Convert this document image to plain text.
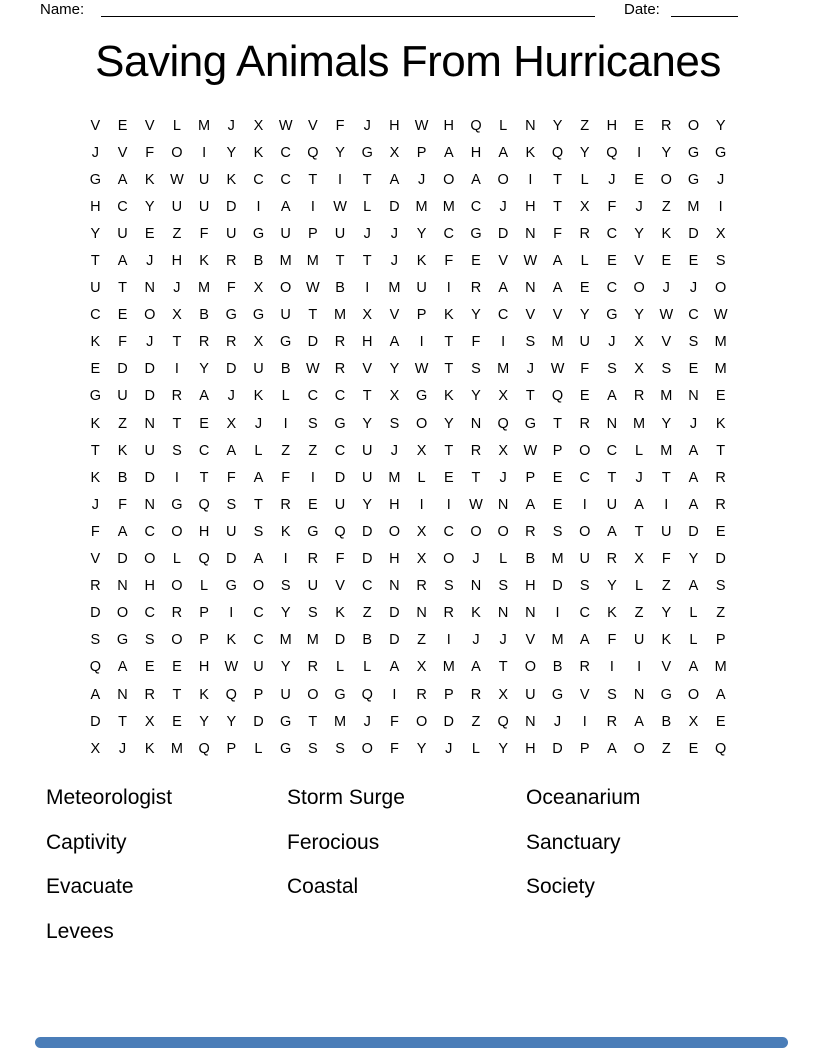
Name:	Date:
Saving Animals From Hurricanes
V	E	V	L	M	J	X	W	V	F	J	H	W	H	Q	L	N	Y	Z	H	E	R	O	Y
J	V	F	O	I	Y	K	C	Q	Y	G	X	P	A	H	A	K	Q	Y	Q	I	Y	G	G
G	A	K	W	U	K	C	C	T	I	T	A	J	O	A	O	I	T	L	J	E	O	G	J
H	C	Y	U	U	D	I	A	I	W	L	D	M	M	C	J	H	T	X	F	J	Z	M	I
Y	U	E	Z	F	U	G	U	P	U	J	J	Y	C	G	D	N	F	R	C	Y	K	D	X
T	A	J	H	K	R	B	M	M	T	T	J	K	F	E	V	W	A	L	E	V	E	E	S
U	T	N	J	M	F	X	O	W	B	I	M	U	I	R	A	N	A	E	C	O	J	J	O
C	E	O	X	B	G	G	U	T	M	X	V	P	K	Y	C	V	V	Y	G	Y	W	C	W
K	F	J	T	R	R	X	G	D	R	H	A	I	T	F	I	S	M	U	J	X	V	S	M
E	D	D	I	Y	D	U	B	W	R	V	Y	W	T	S	M	J	W	F	S	X	S	E	M
G	U	D	R	A	J	K	L	C	C	T	X	G	K	Y	X	T	Q	E	A	R	M	N	E
K	Z	N	T	E	X	J	I	S	G	Y	S	O	Y	N	Q	G	T	R	N	M	Y	J	K
T	K	U	S	C	A	L	Z	Z	C	U	J	X	T	R	X	W	P	O	C	L	M	A	T
K	B	D	I	T	F	A	F	I	D	U	M	L	E	T	J	P	E	C	T	J	T	A	R
J	F	N	G	Q	S	T	R	E	U	Y	H	I	I	W	N	A	E	I	U	A	I	A	R
F	A	C	O	H	U	S	K	G	Q	D	O	X	C	O	O	R	S	O	A	T	U	D	E
V	D	O	L	Q	D	A	I	R	F	D	H	X	O	J	L	B	M	U	R	X	F	Y	D
R	N	H	O	L	G	O	S	U	V	C	N	R	S	N	S	H	D	S	Y	L	Z	A	S
D	O	C	R	P	I	C	Y	S	K	Z	D	N	R	K	N	N	I	C	K	Z	Y	L	Z
S	G	S	O	P	K	C	M	M	D	B	D	Z	I	J	J	V	M	A	F	U	K	L	P
Q	A	E	E	H	W	U	Y	R	L	L	A	X	M	A	T	O	B	R	I	I	V	A	M
A	N	R	T	K	Q	P	U	O	G	Q	I	R	P	R	X	U	G	V	S	N	G	O	A
D	T	X	E	Y	Y	D	G	T	M	J	F	O	D	Z	Q	N	J	I	R	A	B	X	E
X	J	K	M	Q	P	L	G	S	S	O	F	Y	J	L	Y	H	D	P	A	O	Z	E	Q
Meteorologist
Captivity
Evacuate
Levees
Storm Surge
Ferocious
Coastal
Oceanarium
Sanctuary
Society
